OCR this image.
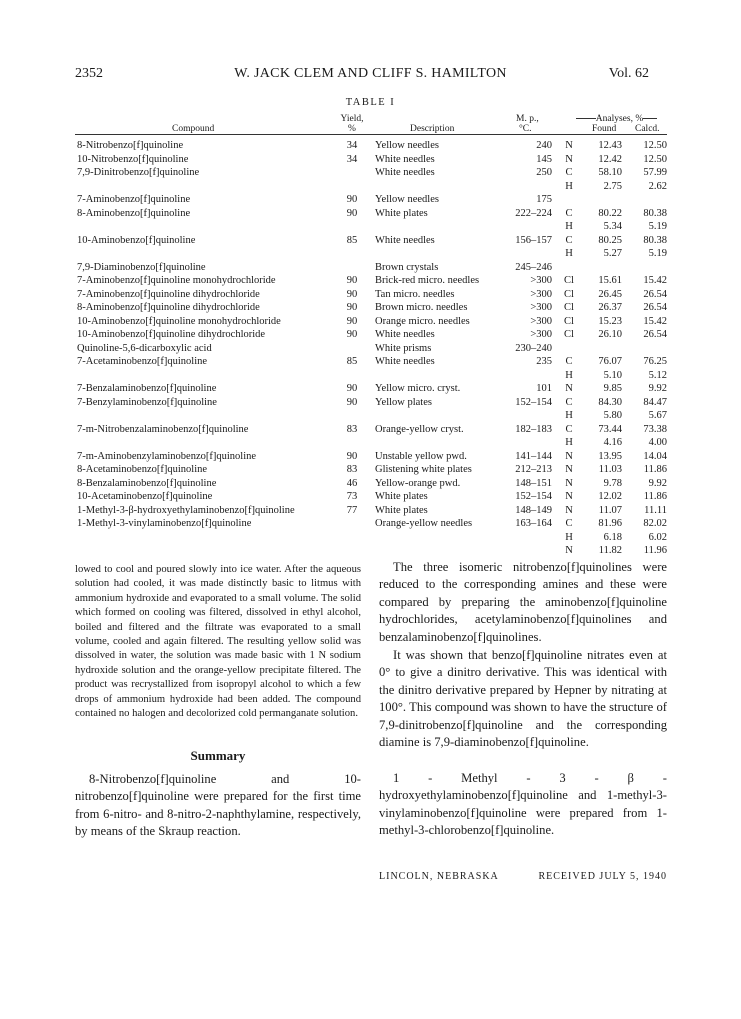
2352	W. JACK CLEM AND CLIFF S. HAMILTON	Vol. 62
TABLE I
Compound
Yield,
%	Description
M. p.,
°C.
Analyses, %
Found Calcd.
8-Nitrobenzo[f]quinoline	34	Yellow needles	240	N	12.43	12.50
10-Nitrobenzo[f]quinoline	34	White needles	145	N	12.42	12.50
7,9-Dinitrobenzo[f]quinoline	White needles	250	C	58.10	57.99
H	2.75	2.62
7-Aminobenzo[f]quinoline	90	Yellow needles	175
8-Aminobenzo[f]quinoline	90	White plates	222–224	C	80.22	80.38
H	5.34	5.19
10-Aminobenzo[f]quinoline	85	White needles	156–157	C	80.25	80.38
H	5.27	5.19
7,9-Diaminobenzo[f]quinoline	Brown crystals	245–246
7-Aminobenzo[f]quinoline monohydrochloride	90	Brick-red micro. needles	>300 Cl	15.61	15.42
7-Aminobenzo[f]quinoline dihydrochloride	90	Tan micro. needles	>300 Cl	26.45	26.54
8-Aminobenzo[f]quinoline dihydrochloride	90	Brown micro. needles	>300 Cl	26.37	26.54
10-Aminobenzo[f]quinoline monohydrochloride	90	Orange micro. needles	>300 Cl	15.23	15.42
10-Aminobenzo[f]quinoline dihydrochloride	90	White needles	>300 Cl	26.10	26.54
Quinoline-5,6-dicarboxylic acid	White prisms	230–240
7-Acetaminobenzo[f]quinoline	85	White needles	235	C	76.07	76.25
H	5.10	5.12
7-Benzalaminobenzo[f]quinoline	90	Yellow micro. cryst.	101	N	9.85	9.92
7-Benzylaminobenzo[f]quinoline	90	Yellow plates	152–154	C	84.30	84.47
H	5.80	5.67
7-m-Nitrobenzalaminobenzo[f]quinoline	83	Orange-yellow cryst.	182–183	C	73.44	73.38
H	4.16	4.00
7-m-Aminobenzylaminobenzo[f]quinoline	90	Unstable yellow pwd.	141–144	N	13.95	14.04
8-Acetaminobenzo[f]quinoline	83	Glistening white plates	212–213	N	11.03	11.86
8-Benzalaminobenzo[f]quinoline	46	Yellow-orange pwd.	148–151	N	9.78	9.92
10-Acetaminobenzo[f]quinoline	73	White plates	152–154	N	12.02	11.86
1-Methyl-3-β-hydroxyethylaminobenzo[f]quinoline	77	White plates	148–149	N	11.07	11.11
1-Methyl-3-vinylaminobenzo[f]quinoline	Orange-yellow needles	163–164	C	81.96	82.02
H	6.18	6.02
N	11.82	11.96
lowed to cool and poured slowly into ice water. After the aqueous solution had cooled, it was made distinctly basic to litmus with ammonium hydroxide and evaporated to a small volume. The solid which formed on cooling was filtered, dissolved in ethyl alcohol, boiled and filtered and the filtrate was evaporated to a small volume, cooled and again filtered. The resulting yellow solid was dissolved in water, the solution was made basic with 1 N sodium hydroxide solution and the orange-yellow precipitate filtered. The product was recrystallized from isopropyl alcohol to which a few drops of ammonium hydroxide had been added. The compound contained no halogen and decolorized cold permanganate solution.
Summary
8-Nitrobenzo[f]quinoline and 10-nitrobenzo[f]quinoline were prepared for the first time from 6-nitro- and 8-nitro-2-naphthylamine, respectively, by means of the Skraup reaction.
The three isomeric nitrobenzo[f]quinolines were reduced to the corresponding amines and these were compared by preparing the aminobenzo[f]quinoline hydrochlorides, acetylaminobenzo[f]quinolines and benzalaminobenzo[f]quinolines.
It was shown that benzo[f]quinoline nitrates even at 0° to give a dinitro derivative. This was identical with the dinitro derivative prepared by Hepner by nitrating at 100°. This compound was shown to have the structure of 7,9-dinitrobenzo[f]quinoline and the corresponding diamine is 7,9-diaminobenzo[f]quinoline.
1 - Methyl - 3 - β - hydroxyethylaminobenzo[f]quinoline and 1-methyl-3-vinylaminobenzo[f]quinoline were prepared from 1-methyl-3-chlorobenzo[f]quinoline.
LINCOLN, NEBRASKA	RECEIVED JULY 5, 1940
